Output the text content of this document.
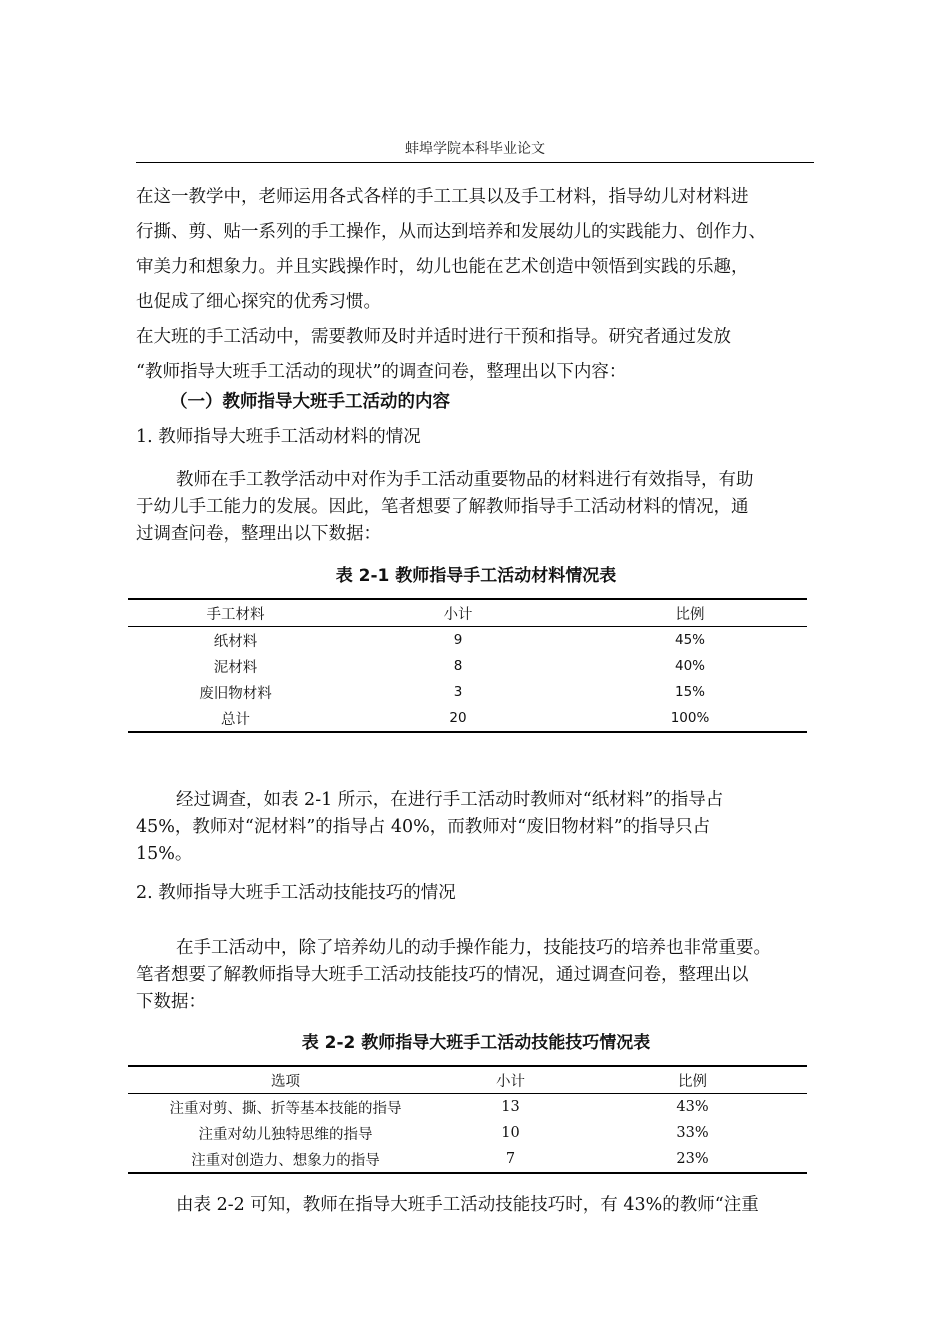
蚌埠学院本科毕业论文
在这一教学中，老师运用各式各样的手工工具以及手工材料，指导幼儿对材料进
行撕、剪、贴一系列的手工操作，从而达到培养和发展幼儿的实践能力、创作力、
审美力和想象力。并且实践操作时，幼儿也能在艺术创造中领悟到实践的乐趣，
也促成了细心探究的优秀习惯。
在大班的手工活动中，需要教师及时并适时进行干预和指导。研究者通过发放
“教师指导大班手工活动的现状”的调查问卷，整理出以下内容：
（一）教师指导大班手工活动的内容
1. 教师指导大班手工活动材料的情况
教师在手工教学活动中对作为手工活动重要物品的材料进行有效指导，有助
于幼儿手工能力的发展。因此，笔者想要了解教师指导手工活动材料的情况，通
过调查问卷，整理出以下数据：
表 2-1 教师指导手工活动材料情况表
手工材料	小计	比例
纸材料	9	45%
泥材料	8	40%
废旧物材料	3	15%
总计	20	100%
经过调查，如表 2-1 所示，在进行手工活动时教师对“纸材料”的指导占
45%，教师对“泥材料”的指导占 40%，而教师对“废旧物材料”的指导只占
15%。
2. 教师指导大班手工活动技能技巧的情况
在手工活动中，除了培养幼儿的动手操作能力，技能技巧的培养也非常重要。
笔者想要了解教师指导大班手工活动技能技巧的情况，通过调查问卷，整理出以
下数据：
表 2-2 教师指导大班手工活动技能技巧情况表
选项	小计	比例
注重对剪、撕、折等基本技能的指导	13	43%
注重对幼儿独特思维的指导	10	33%
注重对创造力、想象力的指导	7	23%
由表 2-2 可知，教师在指导大班手工活动技能技巧时，有 43%的教师“注重
